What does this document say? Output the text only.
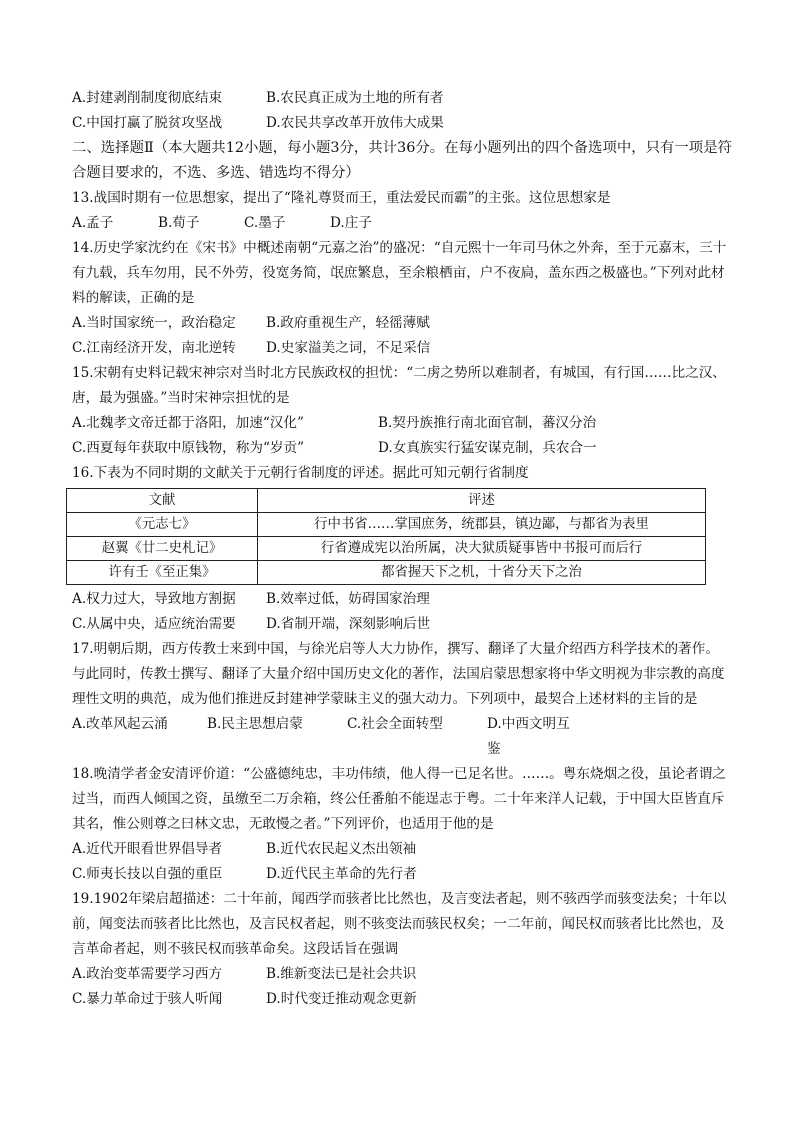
A.封建剥削制度彻底结束	B.农民真正成为土地的所有者
C.中国打赢了脱贫攻坚战	D.农民共享改革开放伟大成果

二、选择题Ⅱ（本大题共12小题，每小题3分，共计36分。在每小题列出的四个备选项中，只有一项是符合题目要求的，不选、多选、错选均不得分）

13.战国时期有一位思想家，提出了“隆礼尊贤而王，重法爱民而霸”的主张。这位思想家是

A.孟子	B.荀子	C.墨子	D.庄子

14.历史学家沈约在《宋书》中概述南朝“元嘉之治”的盛况：“自元熙十一年司马休之外奔，至于元嘉末，三十有九载，兵车勿用，民不外劳，役宽务简，氓庶繁息，至余粮栖亩，户不夜扃，盖东西之极盛也。”下列对此材料的解读，正确的是

A.当时国家统一，政治稳定	B.政府重视生产，轻徭薄赋
C.江南经济开发，南北逆转	D.史家溢美之词，不足采信

15.宋朝有史料记载宋神宗对当时北方民族政权的担忧：“二虏之势所以难制者，有城国，有行国……比之汉、唐，最为强盛。”当时宋神宗担忧的是

A.北魏孝文帝迁都于洛阳，加速“汉化”	B.契丹族推行南北面官制，蕃汉分治
C.西夏每年获取中原钱物，称为“岁贡”	D.女真族实行猛安谋克制，兵农合一

16.下表为不同时期的文献关于元朝行省制度的评述。据此可知元朝行省制度

文献	评述
《元志七》	行中书省……掌国庶务，统郡县，镇边鄙，与都省为表里
赵翼《廿二史札记》	行省遵成宪以治所属，决大狱质疑事皆中书报可而后行
许有壬《至正集》	都省握天下之机，十省分天下之治
A.权力过大，导致地方割据	B.效率过低，妨碍国家治理
C.从属中央，适应统治需要	D.省制开端，深刻影响后世

17.明朝后期，西方传教士来到中国，与徐光启等人大力协作，撰写、翻译了大量介绍西方科学技术的著作。与此同时，传教士撰写、翻译了大量介绍中国历史文化的著作，法国启蒙思想家将中华文明视为非宗教的高度理性文明的典范，成为他们推进反封建神学蒙昧主义的强大动力。下列项中，最契合上述材料的主旨的是

A.改革风起云涌	B.民主思想启蒙	C.社会全面转型	D.中西文明互鉴

18.晚清学者金安清评价道：“公盛德纯忠，丰功伟绩，他人得一已足名世。……。粤东烧烟之役，虽论者谓之过当，而西人倾国之资，虽缴至二万余箱，终公任番舶不能逞志于粤。二十年来洋人记载，于中国大臣皆直斥其名，惟公则尊之曰林文忠，无敢慢之者。”下列评价，也适用于他的是

A.近代开眼看世界倡导者	B.近代农民起义杰出领袖
C.师夷长技以自强的重臣	D.近代民主革命的先行者

19.1902年梁启超描述：二十年前，闻西学而骇者比比然也，及言变法者起，则不骇西学而骇变法矣；十年以前，闻变法而骇者比比然也，及言民权者起，则不骇变法而骇民权矣；一二年前，闻民权而骇者比比然也，及言革命者起，则不骇民权而骇革命矣。这段话旨在强调

A.政治变革需要学习西方	B.维新变法已是社会共识
C.暴力革命过于骇人听闻	D.时代变迁推动观念更新
